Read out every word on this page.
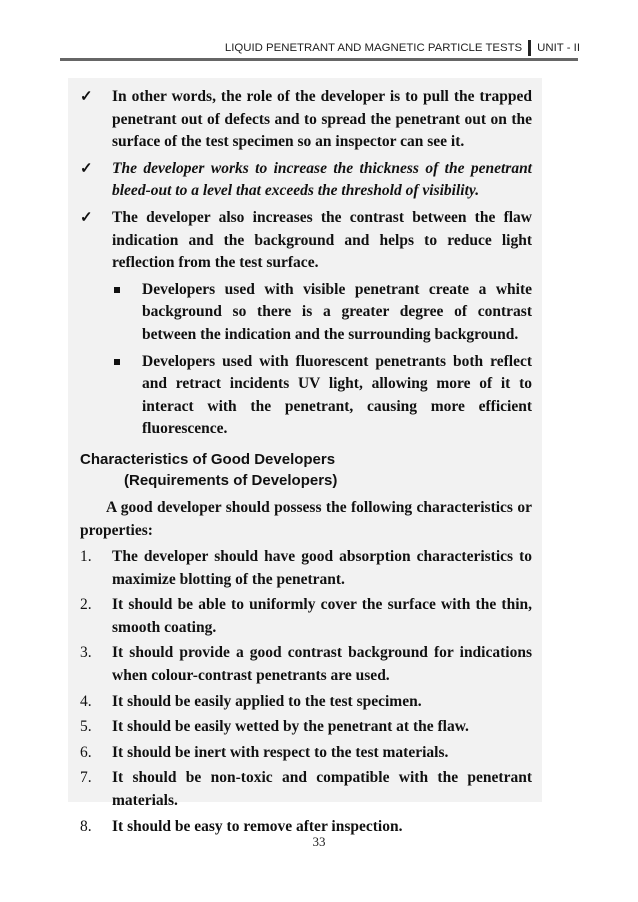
LIQUID PENETRANT AND MAGNETIC PARTICLE TESTS UNIT - II
✓ In other words, the role of the developer is to pull the trapped penetrant out of defects and to spread the penetrant out on the surface of the test specimen so an inspector can see it.
✓ The developer works to increase the thickness of the penetrant bleed-out to a level that exceeds the threshold of visibility.
✓ The developer also increases the contrast between the flaw indication and the background and helps to reduce light reflection from the test surface.
Developers used with visible penetrant create a white background so there is a greater degree of contrast between the indication and the surrounding background.
Developers used with fluorescent penetrants both reflect and retract incidents UV light, allowing more of it to interact with the penetrant, causing more efficient fluorescence.
Characteristics of Good Developers
(Requirements of Developers)
A good developer should possess the following characteristics or properties:
1. The developer should have good absorption characteristics to maximize blotting of the penetrant.
2. It should be able to uniformly cover the surface with the thin, smooth coating.
3. It should provide a good contrast background for indications when colour-contrast penetrants are used.
4. It should be easily applied to the test specimen.
5. It should be easily wetted by the penetrant at the flaw.
6. It should be inert with respect to the test materials.
7. It should be non-toxic and compatible with the penetrant materials.
8. It should be easy to remove after inspection.
33
